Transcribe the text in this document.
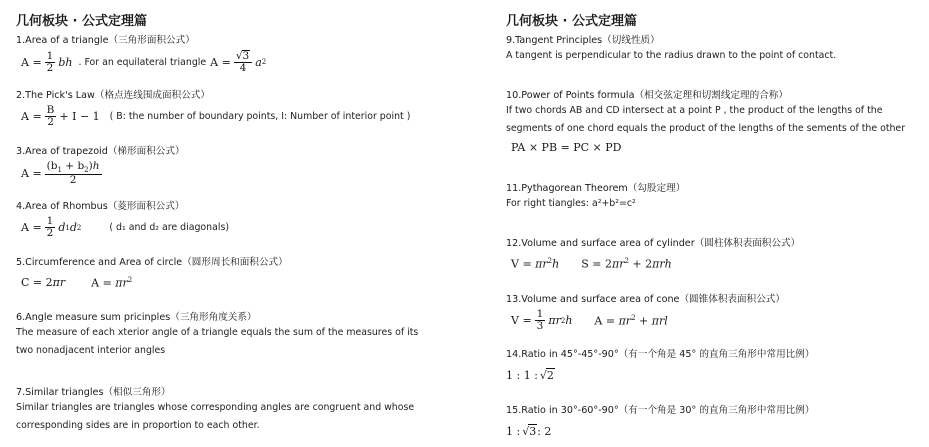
几何板块 · 公式定理篇
1.Area of a triangle（三角形面积公式）
$A = \frac{1}{2}$ bh . For an equilateral triangle $A = \frac{√ 3}{4}$ a 2
2.The Pick's Law（格点连线围成面积公式）
$A = \frac{B}{2} + I - 1$ ( B: the number of boundary points, I: Number of interior point )
3.Area of trapezoid（梯形面积公式）
$A = \frac{(b_1 + b_2)h}{2}$
4.Area of Rhombus（菱形面积公式）
$A = \frac{1}{2}$ d 1 d 2	( d₁ and d₂ are diagonals)
5.Circumference and Area of circle（圆形周长和面积公式）
C = 2πr $A = \pi r^2$
6.Angle measure sum pricinples（三角形角度关系）
The measure of each xterior angle of a triangle equals the sum of the measures of its two nonadjacent interior angles
7.Similar triangles（相似三角形）
Similar triangles are triangles whose corresponding angles are congruent and whose corresponding sides are in proportion to each other.
几何板块 · 公式定理篇
9.Tangent Principles（切线性质）
A tangent is perpendicular to the radius drawn to the point of contact.
10.Power of Points formula（相交弦定理和切割线定理的合称）
If two chords AB and CD intersect at a point P , the product of the lengths of the segments of one chord equals the product of the lengths of the sements of the other
PA × PB = PC × PD
11.Pythagorean Theorem（勾股定理）
For right tiangles: a²+b²=c²
12.Volume and surface area of cylinder（圆柱体积表面积公式）
$V = \pi r^2h$ $S = 2\pi r^2 + 2\pi rh$
13.Volume and surface area of cone（圆锥体积表面积公式）
$V = \frac{1}{3}$ πr 2 h $A = \pi r^2 + \pi rl$
14.Ratio in 45°-45°-90°（有一个角是 45° 的直角三角形中常用比例）
1 : 1 : √ 2
15.Ratio in 30°-60°-90°（有一个角是 30° 的直角三角形中常用比例）
1 : √ 3 : 2
